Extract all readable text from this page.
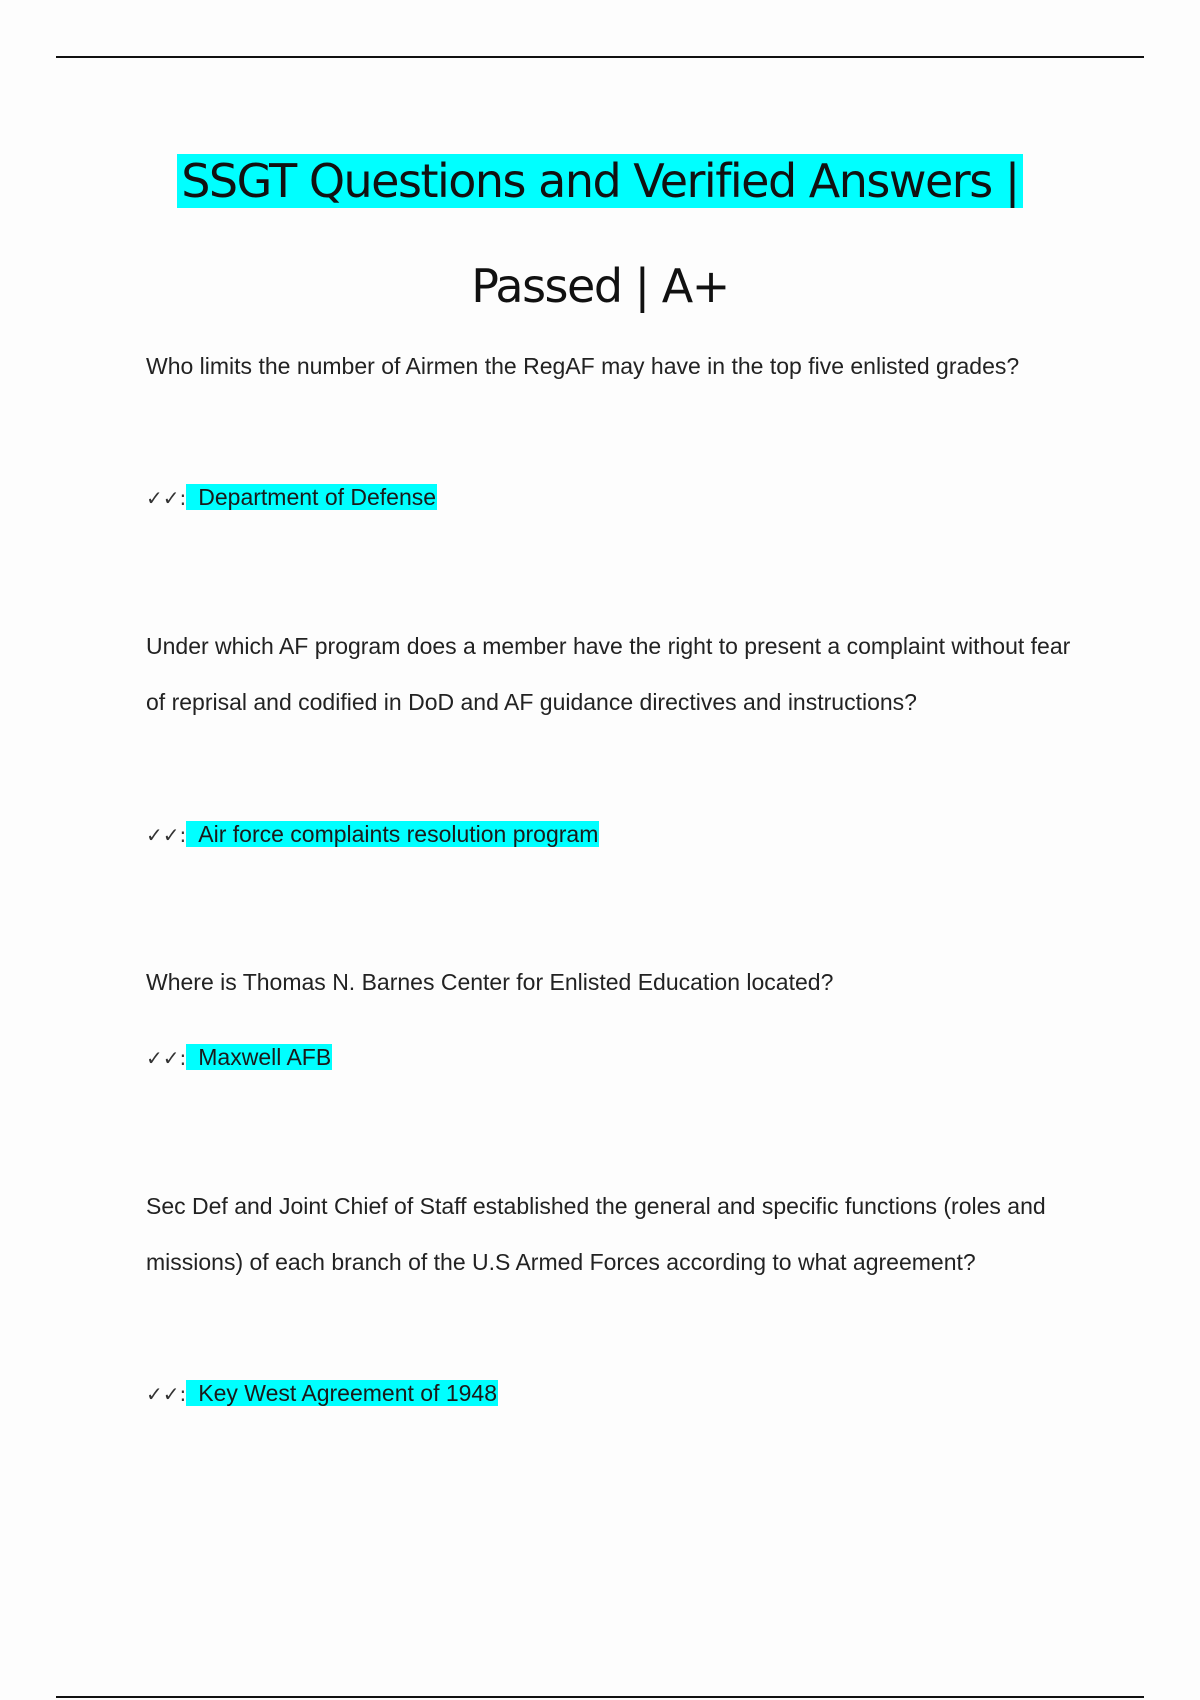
SSGT Questions and Verified Answers |
Passed | A+
Who limits the number of Airmen the RegAF may have in the top five enlisted grades?
✓✓: Department of Defense
Under which AF program does a member have the right to present a complaint without fear of reprisal and codified in DoD and AF guidance directives and instructions?
✓✓: Air force complaints resolution program
Where is Thomas N. Barnes Center for Enlisted Education located?
✓✓: Maxwell AFB
Sec Def and Joint Chief of Staff established the general and specific functions (roles and missions) of each branch of the U.S Armed Forces according to what agreement?
✓✓: Key West Agreement of 1948
